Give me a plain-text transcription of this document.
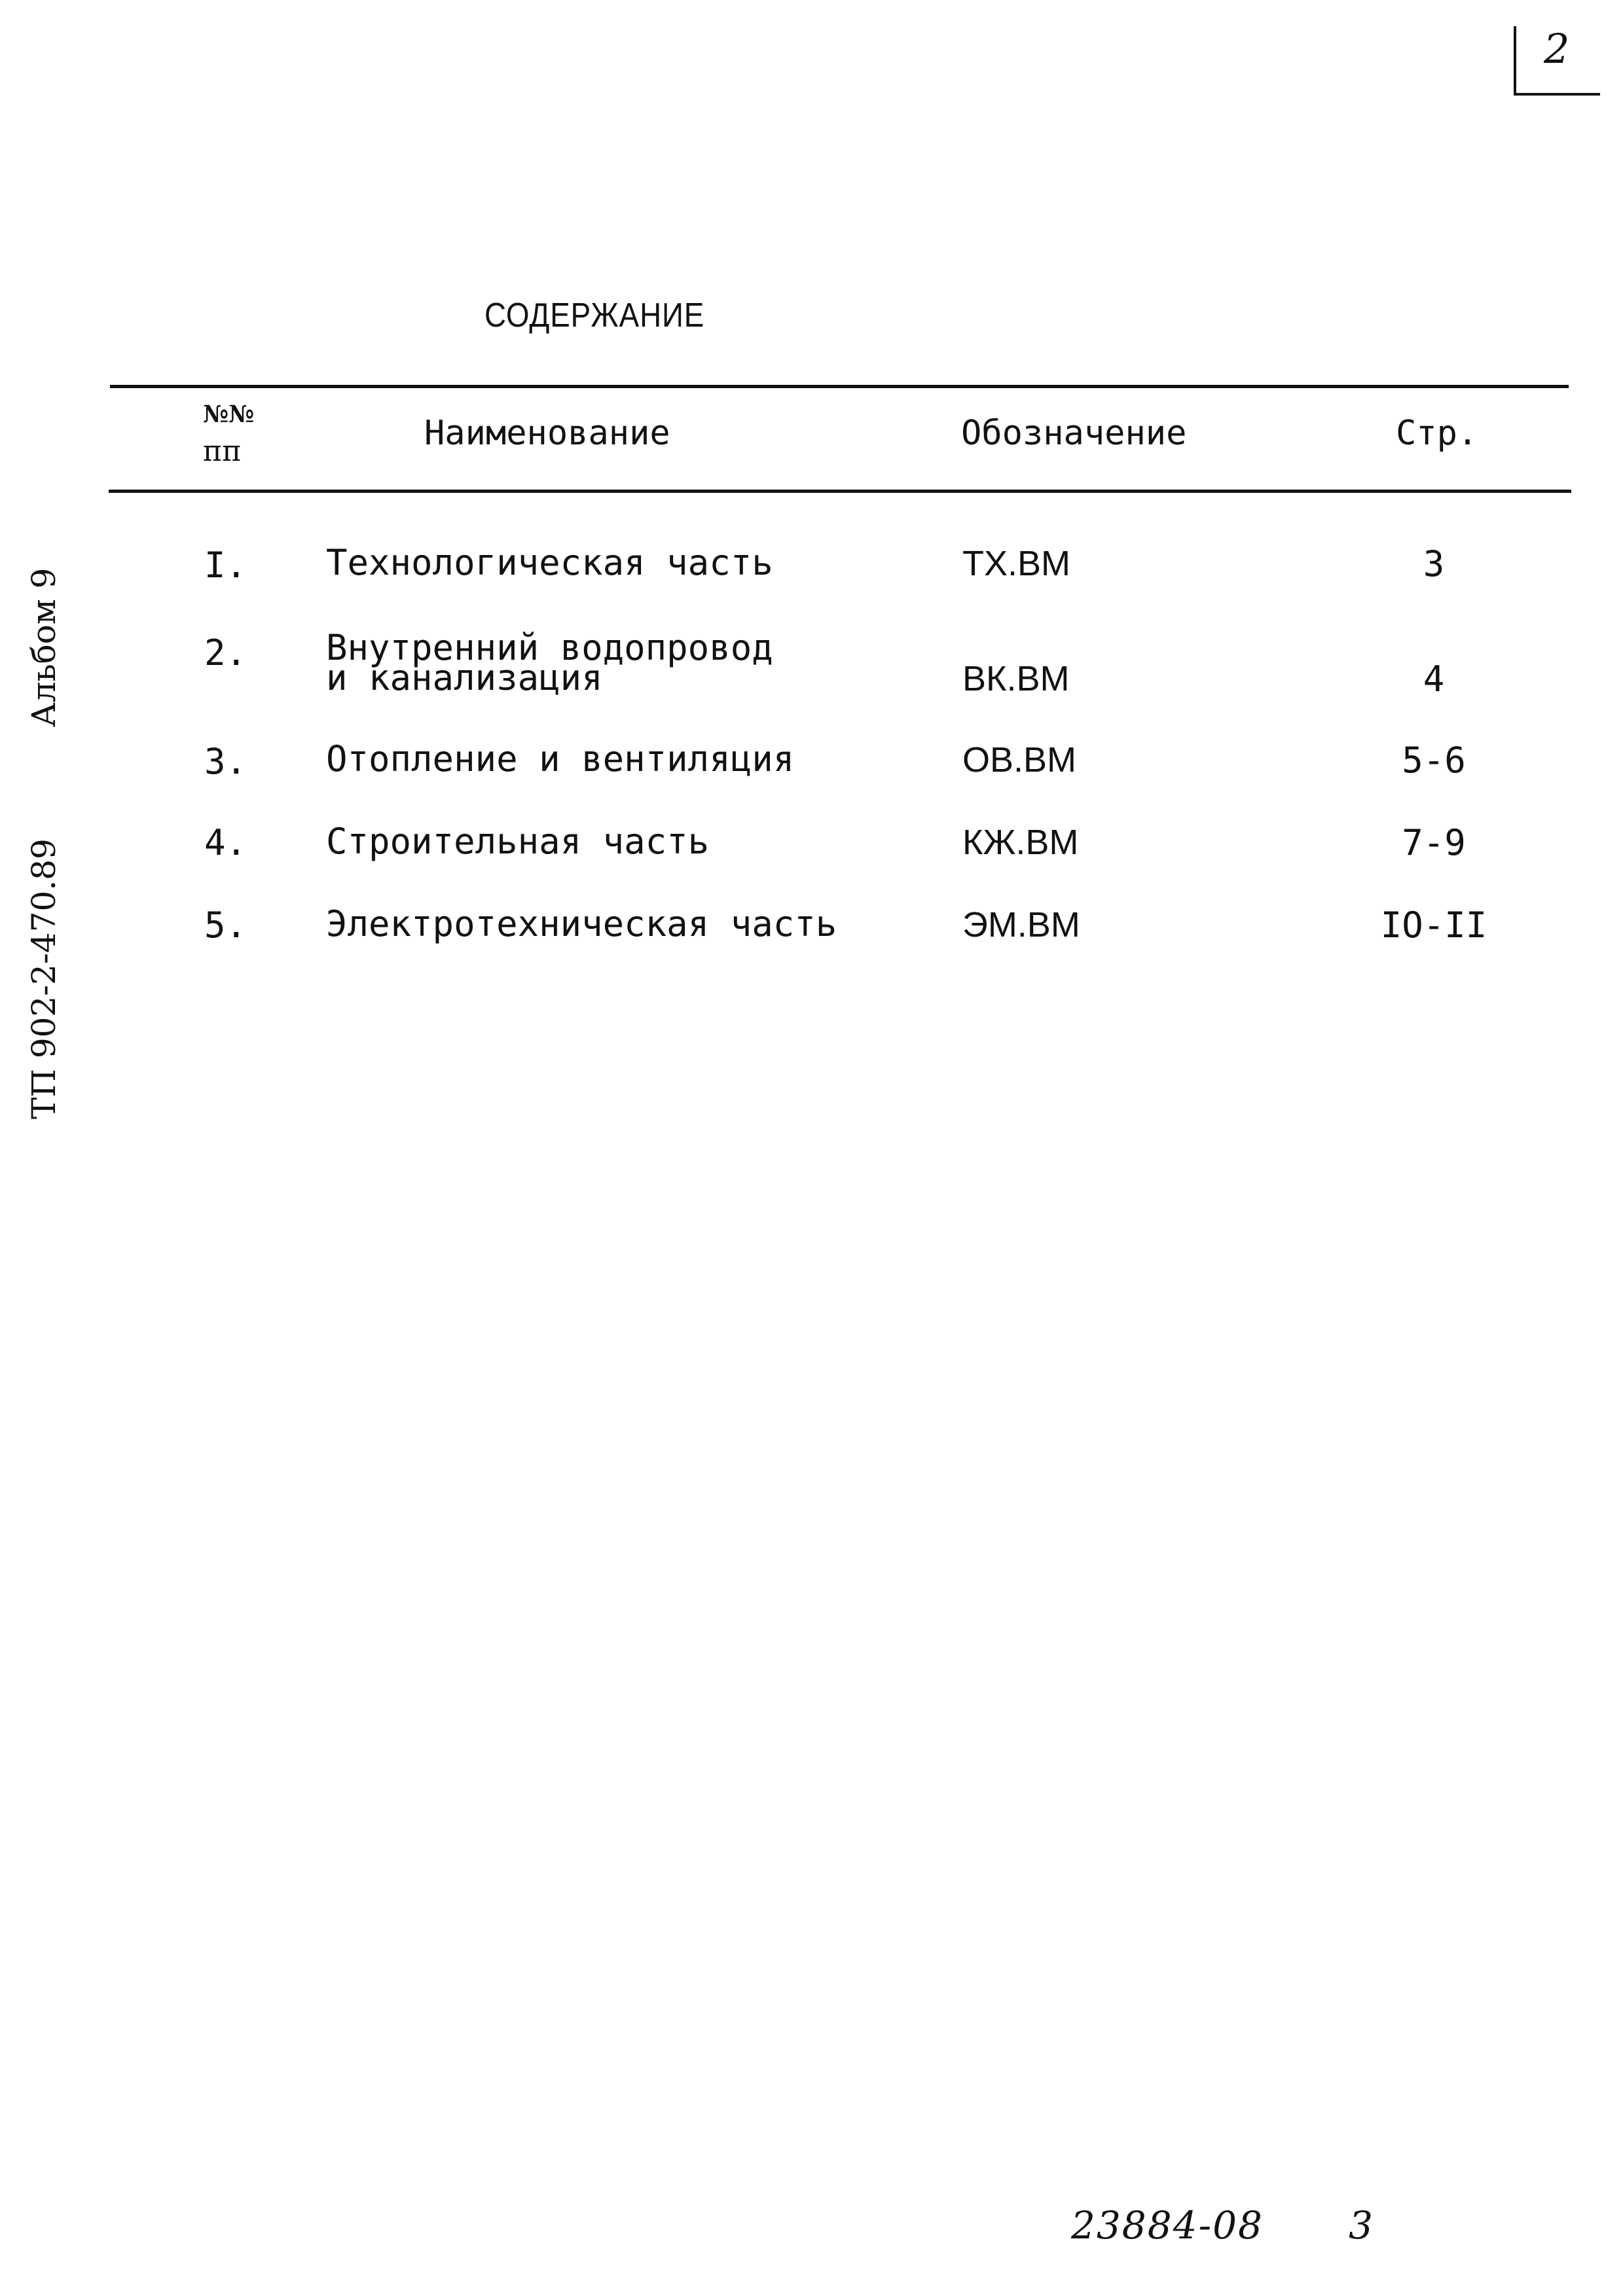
2
СОДЕРЖАНИЕ
№№
пп	Наименование	Обозначение	Стр.
I. Технологическая часть	ТХ.ВМ	3
2. Внутренний водопровод
и канализация	ВК.ВМ	4
3. Отопление и вентиляция	ОВ.ВМ	5-6
4. Строительная часть	КЖ.ВМ	7-9
5. Электротехническая часть	ЭМ.ВМ	IO-II
ТП 902-2-470.89Альбом 9
23884-08 3
